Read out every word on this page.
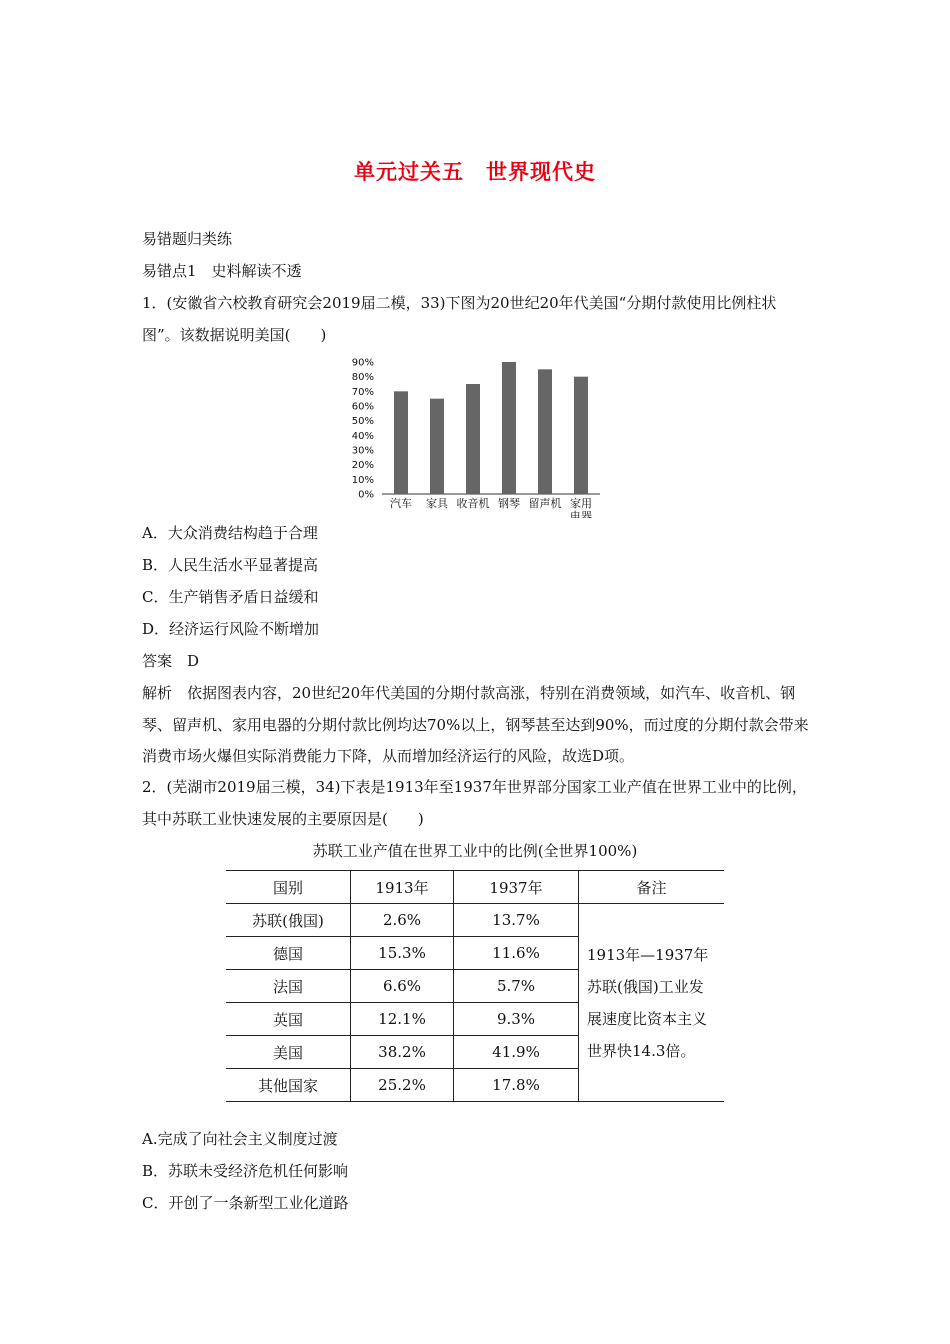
单元过关五　世界现代史
易错题归类练
易错点1　史料解读不透
1．(安徽省六校教育研究会2019届二模，33)下图为20世纪20年代美国“分期付款使用比例柱状图”。该数据说明美国(　　)
0%
10%
20%
30%
40%
50%
60%
70%
80%
90%
汽车 家具 收音机 钢琴 留声机 家用
电器
A．大众消费结构趋于合理
B．人民生活水平显著提高
C．生产销售矛盾日益缓和
D．经济运行风险不断增加
答案　D
解析　依据图表内容，20世纪20年代美国的分期付款高涨，特别在消费领域，如汽车、收音机、钢琴、留声机、家用电器的分期付款比例均达70%以上，钢琴甚至达到90%，而过度的分期付款会带来消费市场火爆但实际消费能力下降，从而增加经济运行的风险，故选D项。
2．(芜湖市2019届三模，34)下表是1913年至1937年世界部分国家工业产值在世界工业中的比例，其中苏联工业快速发展的主要原因是(　　)
苏联工业产值在世界工业中的比例(全世界100%)
国别	1913年	1937年	备注
苏联(俄国)	2.6%	13.7%	1913年—1937年苏联(俄国)工业发展速度比资本主义世界快14.3倍。
德国	15.3%	11.6%	
法国	6.6%	5.7%	
英国	12.1%	9.3%	
美国	38.2%	41.9%	
其他国家	25.2%	17.8%	
A.完成了向社会主义制度过渡
B．苏联未受经济危机任何影响
C．开创了一条新型工业化道路
